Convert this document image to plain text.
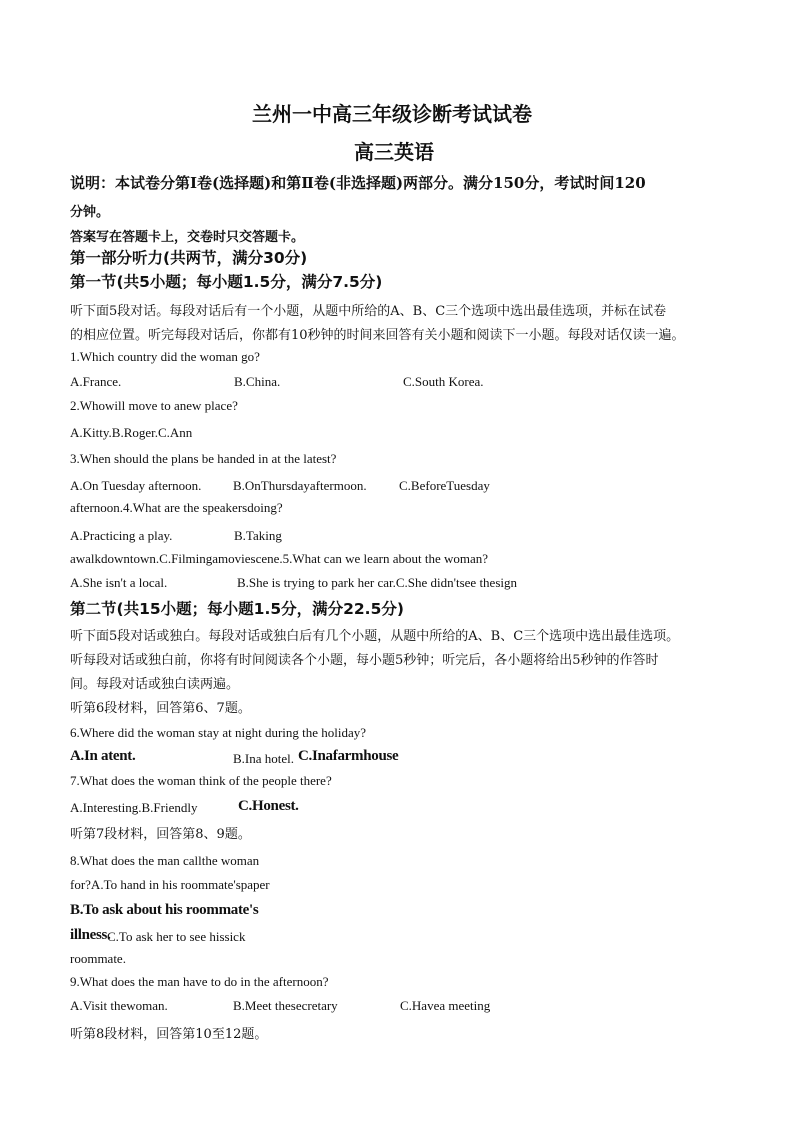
兰州一中高三年级诊断考试试卷
高三英语
说明：本试卷分第Ⅰ卷(选择题)和第Ⅱ卷(非选择题)两部分。满分150分，考试时间120
分钟。
答案写在答题卡上，交卷时只交答题卡。
第一部分听力(共两节，满分30分)
第一节(共5小题；每小题1.5分，满分7.5分)
听下面5段对话。每段对话后有一个小题，从题中所给的A、B、C三个选项中选出最佳选项，并标在试卷
的相应位置。听完每段对话后，你都有10秒钟的时间来回答有关小题和阅读下一小题。每段对话仅读一遍。
1.Which country did the woman go?
A.France.	B.China.	C.South Korea.
2.Whowill move to anew place?
A.Kitty.B.Roger.C.Ann
3.When should the plans be handed in at the latest?
A.On Tuesday afternoon. B.OnThursdayaftermoon. C.BeforeTuesday
afternoon.4.What are the speakersdoing?
A.Practicing a play.	B.Taking
awalkdowntown.C.Filmingamoviescene.5.What can we learn about the woman?
A.She isn't a local.	B.She is trying to park her car.C.She didn'tsee thesign
第二节(共15小题；每小题1.5分，满分22.5分)
听下面5段对话或独白。每段对话或独白后有几个小题，从题中所给的A、B、C三个选项中选出最佳选项。
听每段对话或独白前，你将有时间阅读各个小题，每小题5秒钟；听完后，各小题将给出5秒钟的作答时
间。每段对话或独白读两遍。
听第6段材料，回答第6、7题。
6.Where did the woman stay at night during the holiday?
A.In atent.	B.Ina hotel. C.Inafarmhouse
7.What does the woman think of the people there?
A.Interesting.B.Friendly	C.Honest.
听第7段材料，回答第8、9题。
8.What does the man callthe woman
for?A.To hand in his roommate'spaper
B.To ask about his roommate's
illness.
C.To ask her to see hissick
roommate.
9.What does the man have to do in the afternoon?
A.Visit thewoman.	B.Meet thesecretary	C.Havea meeting
听第8段材料，回答第10至12题。
